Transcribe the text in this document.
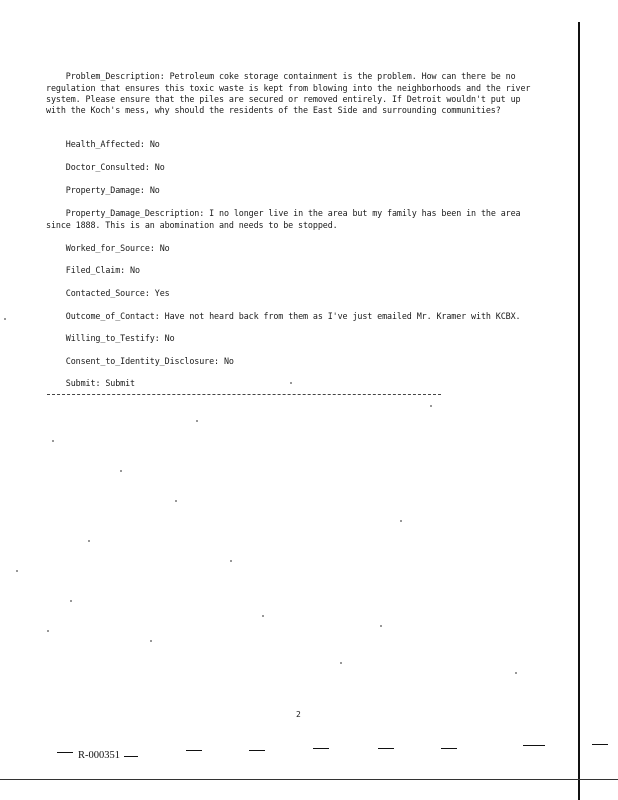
Problem_Description: Petroleum coke storage containment is the problem. How can there be no regulation that ensures this toxic waste is kept from blowing into the neighborhoods and the river system. Please ensure that the piles are secured or removed entirely. If Detroit wouldn't put up with the Koch's mess, why should the residents of the East Side and surrounding communities?

Health_Affected: No

Doctor_Consulted: No

Property_Damage: No

Property_Damage_Description: I no longer live in the area but my family has been in the area since 1888. This is an abomination and needs to be stopped.

Worked_for_Source: No

Filed_Claim: No

Contacted_Source: Yes

Outcome_of_Contact: Have not heard back from them as I've just emailed Mr. Kramer with KCBX.

Willing_to_Testify: No

Consent_to_Identity_Disclosure: No

Submit: Submit

2
R-000351
